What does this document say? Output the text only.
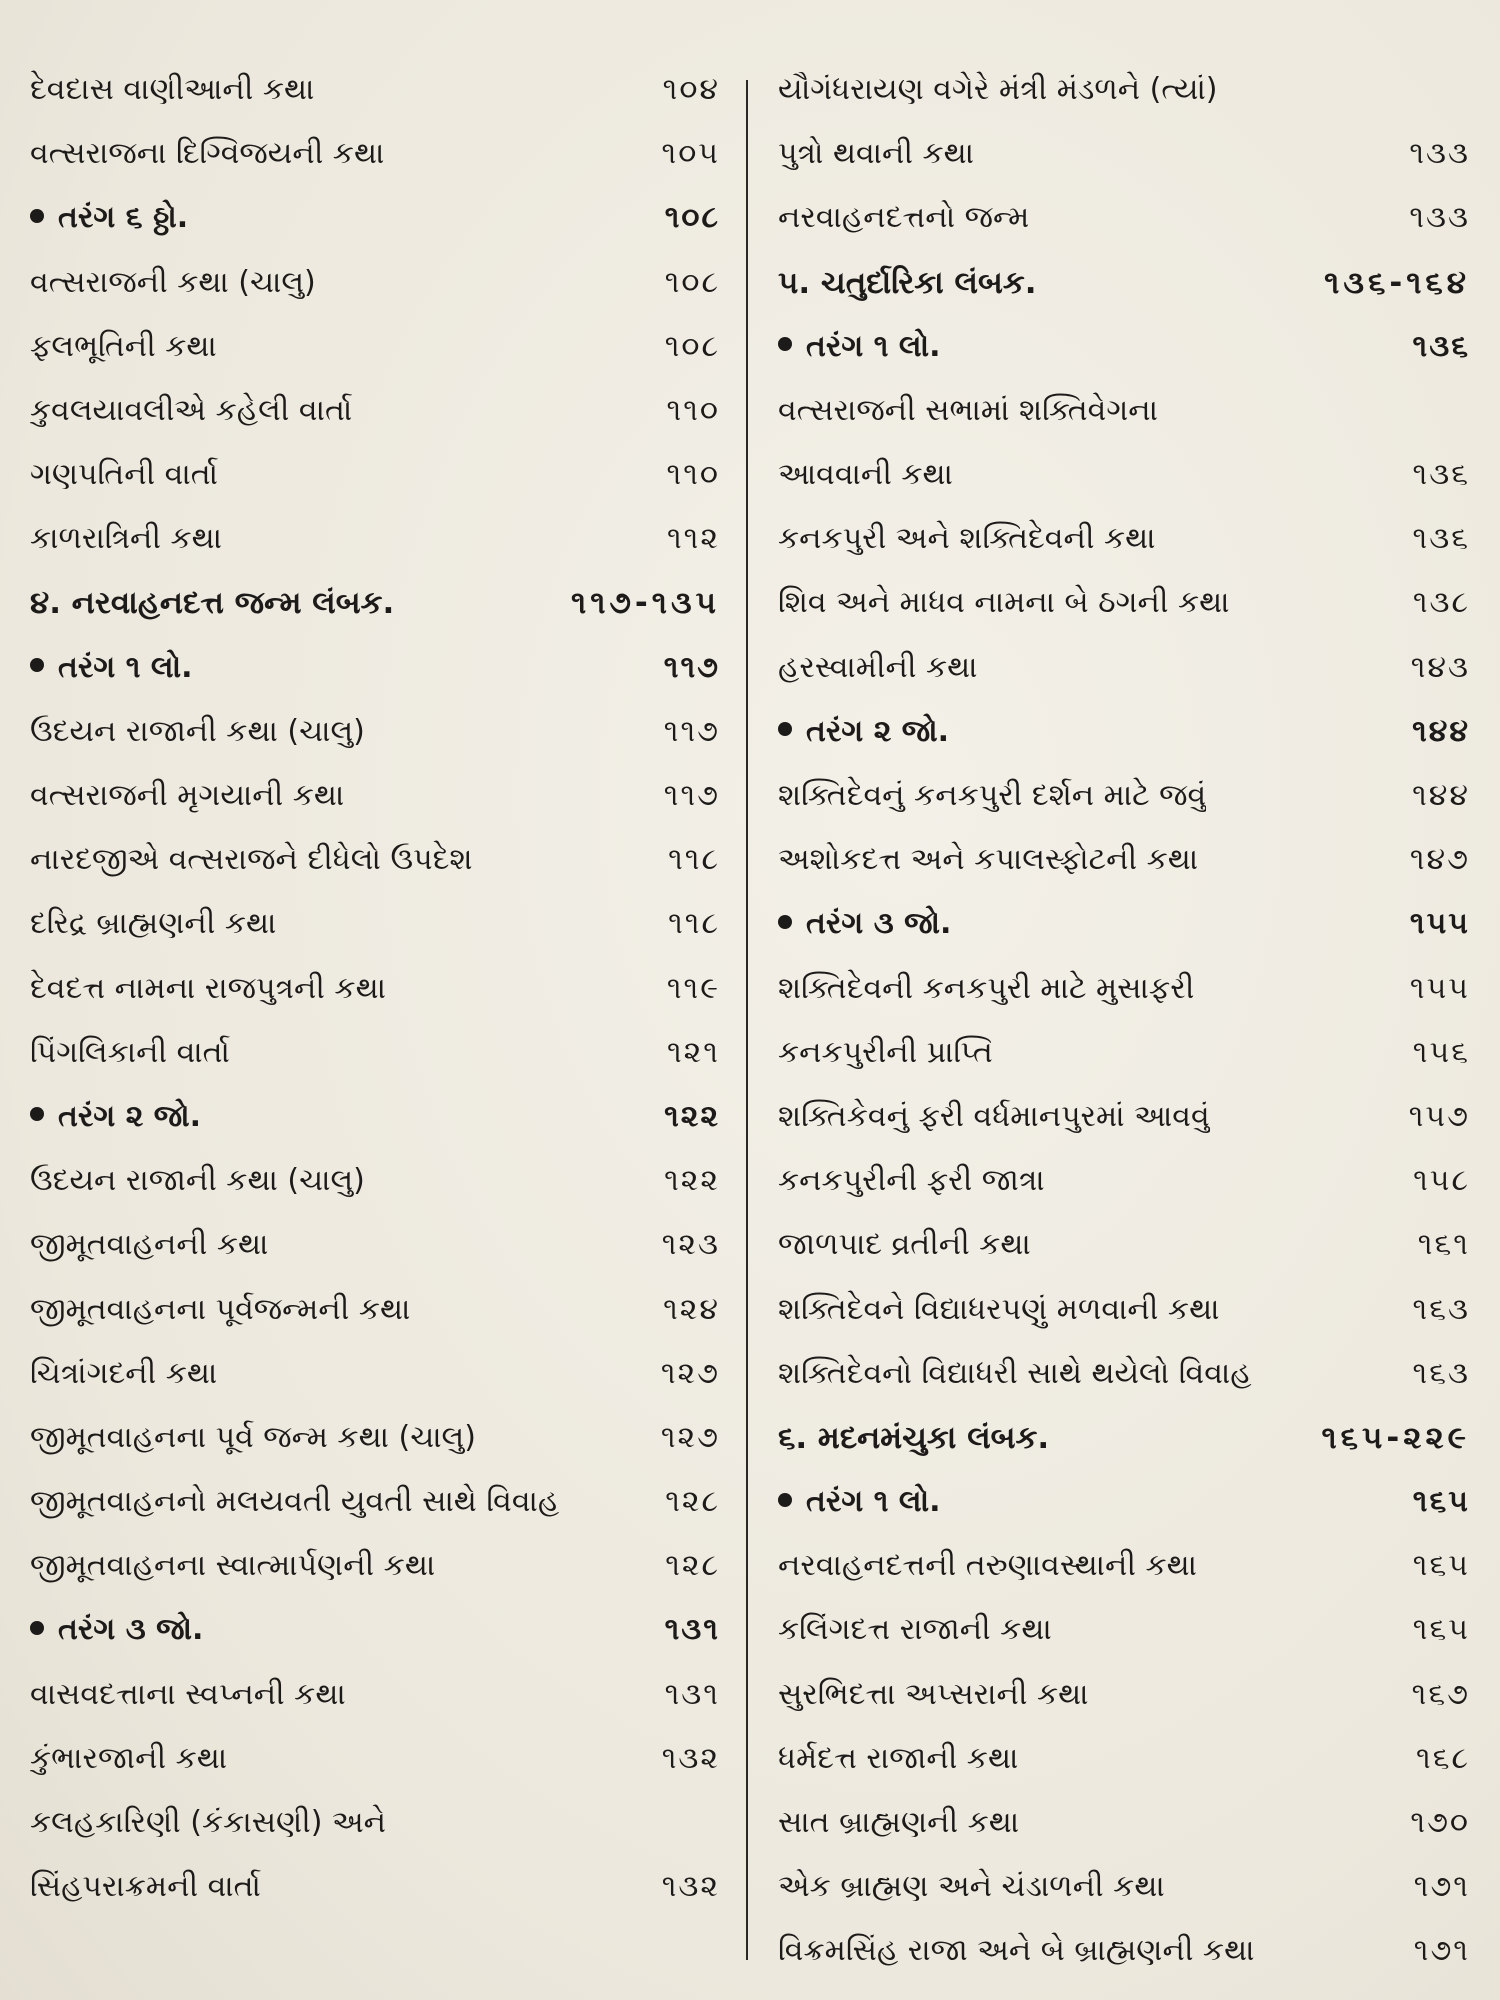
દેવદાસ વાણીઆની કથા	૧૦૪
વત્સરાજના દિગ્વિજયની કથા	૧૦૫
તરંગ ૬ ઠ્ઠો.	૧૦૮
વત્સરાજની કથા (ચાલુ)	૧૦૮
ફલભૂતિની કથા	૧૦૮
કુવલયાવલીએ કહેલી વાર્તા	૧૧૦
ગણપતિની વાર્તા	૧૧૦
કાળરાત્રિની કથા	૧૧૨
૪. નરવાહનદત્ત જન્મ લંબક.	૧૧૭-૧૩૫
તરંગ ૧ લો.	૧૧૭
ઉદયન રાજાની કથા (ચાલુ)	૧૧૭
વત્સરાજની મૃગયાની કથા	૧૧૭
નારદજીએ વત્સરાજને દીધેલો ઉપદેશ	૧૧૮
દરિદ્ર બ્રાહ્મણની કથા	૧૧૮
દેવદત્ત નામના રાજપુત્રની કથા	૧૧૯
પિંગલિકાની વાર્તા	૧૨૧
તરંગ ૨ જો.	૧૨૨
ઉદયન રાજાની કથા (ચાલુ)	૧૨૨
જીમૂતવાહનની કથા	૧૨૩
જીમૂતવાહનના પૂર્વજન્મની કથા	૧૨૪
ચિત્રાંગદની કથા	૧૨૭
જીમૂતવાહનના પૂર્વ જન્મ કથા (ચાલુ)	૧૨૭
જીમૂતવાહનનો મલયવતી યુવતી સાથે વિવાહ	૧૨૮
જીમૂતવાહનના સ્વાત્માર્પણની કથા	૧૨૮
તરંગ ૩ જો.	૧૩૧
વાસવદત્તાના સ્વપ્નની કથા	૧૩૧
કુંભારજાની કથા	૧૩૨
કલહકારિણી (કંકાસણી) અને
સિંહપરાક્રમની વાર્તા	૧૩૨
યૌગંધરાયણ વગેરે મંત્રી મંડળને (ત્યાં)
પુત્રો થવાની કથા	૧૩૩
નરવાહનદત્તનો જન્મ	૧૩૩
૫. ચતુર્દારિકા લંબક.	૧૩૬-૧૬૪
તરંગ ૧ લો.	૧૩૬
વત્સરાજની સભામાં શક્તિવેગના
આવવાની કથા	૧૩૬
કનકપુરી અને શક્તિદેવની કથા	૧૩૬
શિવ અને માધવ નામના બે ઠગની કથા	૧૩૮
હરસ્વામીની કથા	૧૪૩
તરંગ ૨ જો.	૧૪૪
શક્તિદેવનું કનકપુરી દર્શન માટે જવું	૧૪૪
અશોકદત્ત અને કપાલસ્ફોટની કથા	૧૪૭
તરંગ ૩ જો.	૧૫૫
શક્તિદેવની કનકપુરી માટે મુસાફરી	૧૫૫
કનકપુરીની પ્રાપ્તિ	૧૫૬
શક્તિકેવનું ફરી વર્ધમાનપુરમાં આવવું	૧૫૭
કનકપુરીની ફરી જાત્રા	૧૫૮
જાળપાદ વ્રતીની કથા	૧૬૧
શક્તિદેવને વિદ્યાધરપણું મળવાની કથા	૧૬૩
શક્તિદેવનો વિદ્યાધરી સાથે થયેલો વિવાહ	૧૬૩
૬. મદનમંચુકા લંબક.	૧૬૫-૨૨૯
તરંગ ૧ લો.	૧૬૫
નરવાહનદત્તની તરુણાવસ્થાની કથા	૧૬૫
કલિંગદત્ત રાજાની કથા	૧૬૫
સુરભિદત્તા અપ્સરાની કથા	૧૬૭
ધર્મદત્ત રાજાની કથા	૧૬૮
સાત બ્રાહ્મણની કથા	૧૭૦
એક બ્રાહ્મણ અને ચંડાળની કથા	૧૭૧
વિક્રમસિંહ રાજા અને બે બ્રાહ્મણની કથા	૧૭૧
